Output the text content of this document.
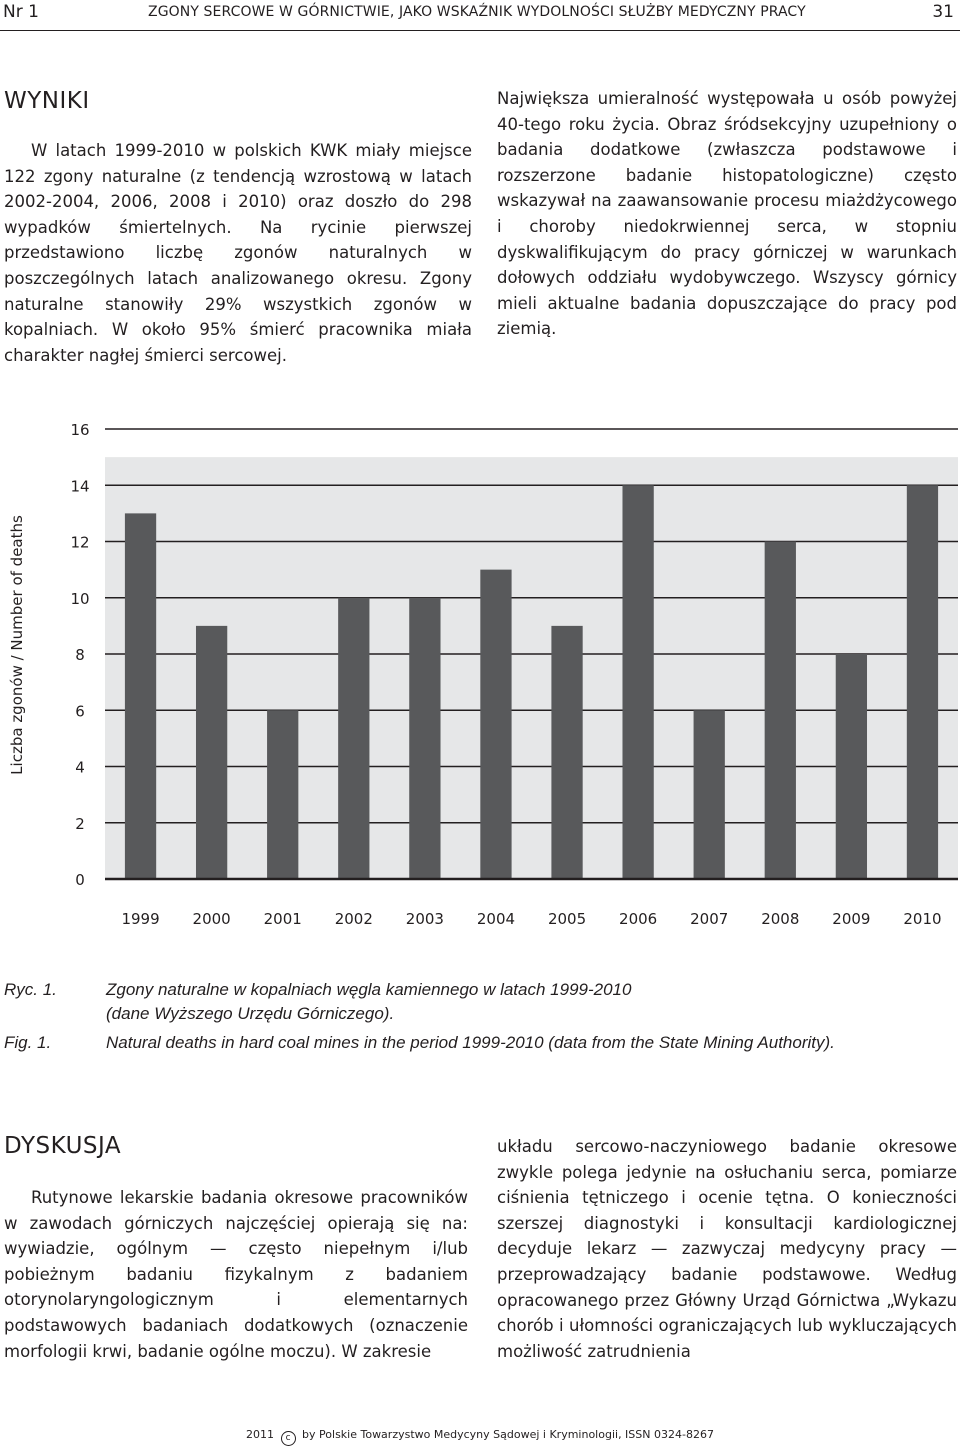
Nr 1	ZGONY SERCOWE W GÓRNICTWIE, JAKO WSKAŹNIK WYDOLNOŚCI SŁUŻBY MEDYCZNY PRACY	31
WYNIKI

W latach 1999-2010 w polskich KWK miały miejsce 122 zgony naturalne (z tendencją wzrostową w latach 2002-2004, 2006, 2008 i 2010) oraz doszło do 298 wypadków śmiertelnych. Na rycinie pierwszej przedstawiono liczbę zgonów naturalnych w poszczególnych latach analizowanego okresu. Zgony naturalne stanowiły 29% wszystkich zgonów w kopalniach. W około 95% śmierć pracownika miała charakter nagłej śmierci sercowej.

Największa umieralność występowała u osób powyżej 40-tego roku życia. Obraz śródsekcyjny uzupełniony o badania dodatkowe (zwłaszcza podstawowe i rozszerzone badanie histopatologiczne) często wskazywał na zaawansowanie procesu miażdżycowego i choroby niedokrwiennej serca, w stopniu dyskwalifikującym do pracy górniczej w warunkach dołowych oddziału wydobywczego. Wszyscy górnicy mieli aktualne badania dopuszczające do pracy pod ziemią.

0
2
4
6
8
10
12
14
16
1999 2000 2001 2002 2003 2004 2005 2006 2007 2008 2009 2010
Liczba zgonów / Number of deaths
Ryc. 1.	Zgony naturalne w kopalniach węgla kamiennego w latach 1999-2010
(dane Wyższego Urzędu Górniczego).
Fig. 1.	Natural deaths in hard coal mines in the period 1999-2010 (data from the State Mining Authority).
DYSKUSJA

Rutynowe lekarskie badania okresowe pracowników w zawodach górniczych najczęściej opierają się na: wywiadzie, ogólnym — często niepełnym i/lub pobieżnym badaniu fizykalnym z badaniem otorynolaryngologicznym i elementarnych podstawowych badaniach dodatkowych (oznaczenie morfologii krwi, badanie ogólne moczu). W zakresie

układu sercowo-naczyniowego badanie okresowe zwykle polega jedynie na osłuchaniu serca, pomiarze ciśnienia tętniczego i ocenie tętna. O konieczności szerszej diagnostyki i konsultacji kardiologicznej decyduje lekarz — zazwyczaj medycyny pracy — przeprowadzający badanie podstawowe. Według opracowanego przez Główny Urząd Górnictwa „Wykazu chorób i ułomności ograniczających lub wykluczających możliwość zatrudnienia

2011 c by Polskie Towarzystwo Medycyny Sądowej i Kryminologii, ISSN 0324-8267
